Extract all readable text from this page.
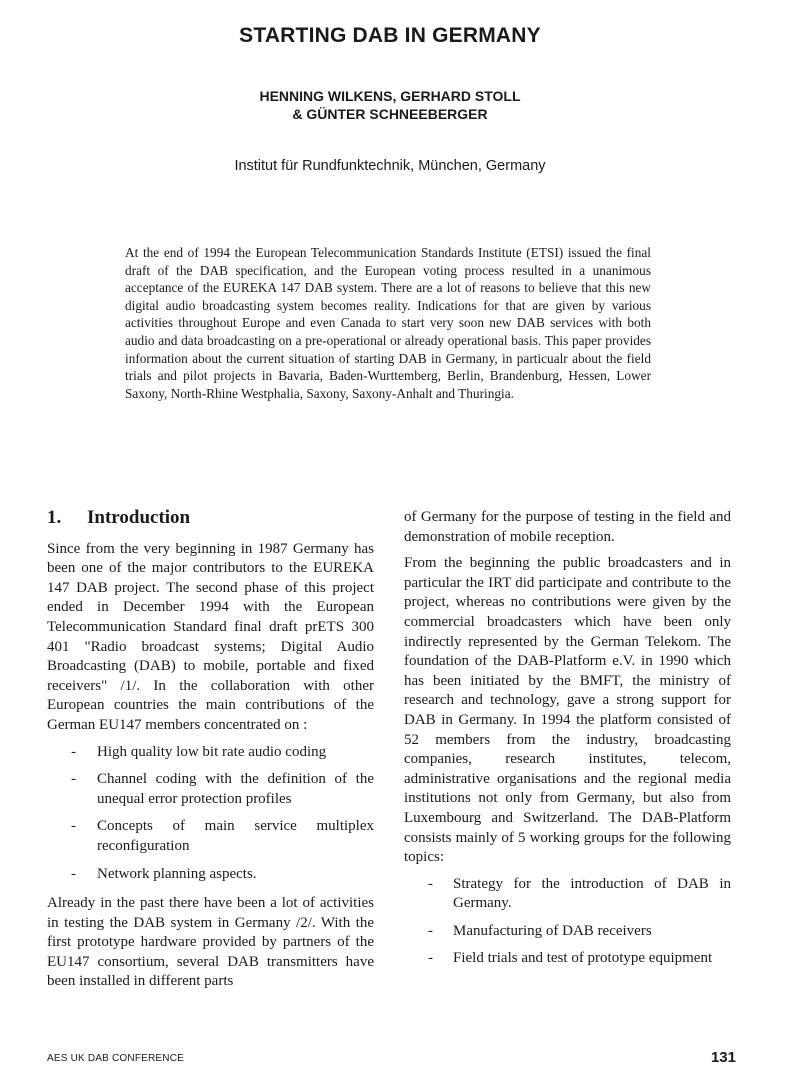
STARTING DAB IN GERMANY
HENNING WILKENS, GERHARD STOLL
& GÜNTER SCHNEEBERGER
Institut für Rundfunktechnik, München, Germany
At the end of 1994 the European Telecommunication Standards Institute (ETSI) issued the final draft of the DAB specification, and the European voting process resulted in a unanimous acceptance of the EUREKA 147 DAB system. There are a lot of reasons to believe that this new digital audio broadcasting system becomes reality. Indications for that are given by various activities throughout Europe and even Canada to start very soon new DAB services with both audio and data broadcasting on a pre-operational or already operational basis. This paper provides information about the current situation of starting DAB in Germany, in particualr about the field trials and pilot projects in Bavaria, Baden-Wurttemberg, Berlin, Brandenburg, Hessen, Lower Saxony, North-Rhine Westphalia, Saxony, Saxony-Anhalt and Thuringia.
1.	Introduction

Since from the very beginning in 1987 Germany has been one of the major contributors to the EUREKA 147 DAB project. The second phase of this project ended in December 1994 with the European Telecommunication Standard final draft prETS 300 401 "Radio broadcast systems; Digital Audio Broadcasting (DAB) to mobile, portable and fixed receivers" /1/. In the collaboration with other European countries the main contributions of the German EU147 members concentrated on :

- High quality low bit rate audio coding
- Channel coding with the definition of the unequal error protection profiles
- Concepts of main service multiplex reconfiguration
- Network planning aspects.

Already in the past there have been a lot of activities in testing the DAB system in Germany /2/. With the first prototype hardware provided by partners of the EU147 consortium, several DAB transmitters have been installed in different parts

of Germany for the purpose of testing in the field and demonstration of mobile reception.

From the beginning the public broadcasters and in particular the IRT did participate and contribute to the project, whereas no contributions were given by the commercial broadcasters which have been only indirectly represented by the German Telekom. The foundation of the DAB-Platform e.V. in 1990 which has been initiated by the BMFT, the ministry of research and technology, gave a strong support for DAB in Germany. In 1994 the platform consisted of 52 members from the industry, broadcasting companies, research institutes, telecom, administrative organisations and the regional media institutions not only from Germany, but also from Luxembourg and Switzerland. The DAB-Platform consists mainly of 5 working groups for the following topics:

- Strategy for the introduction of DAB in Germany.
- Manufacturing of DAB receivers
- Field trials and test of prototype equipment
AES UK DAB CONFERENCE	131
